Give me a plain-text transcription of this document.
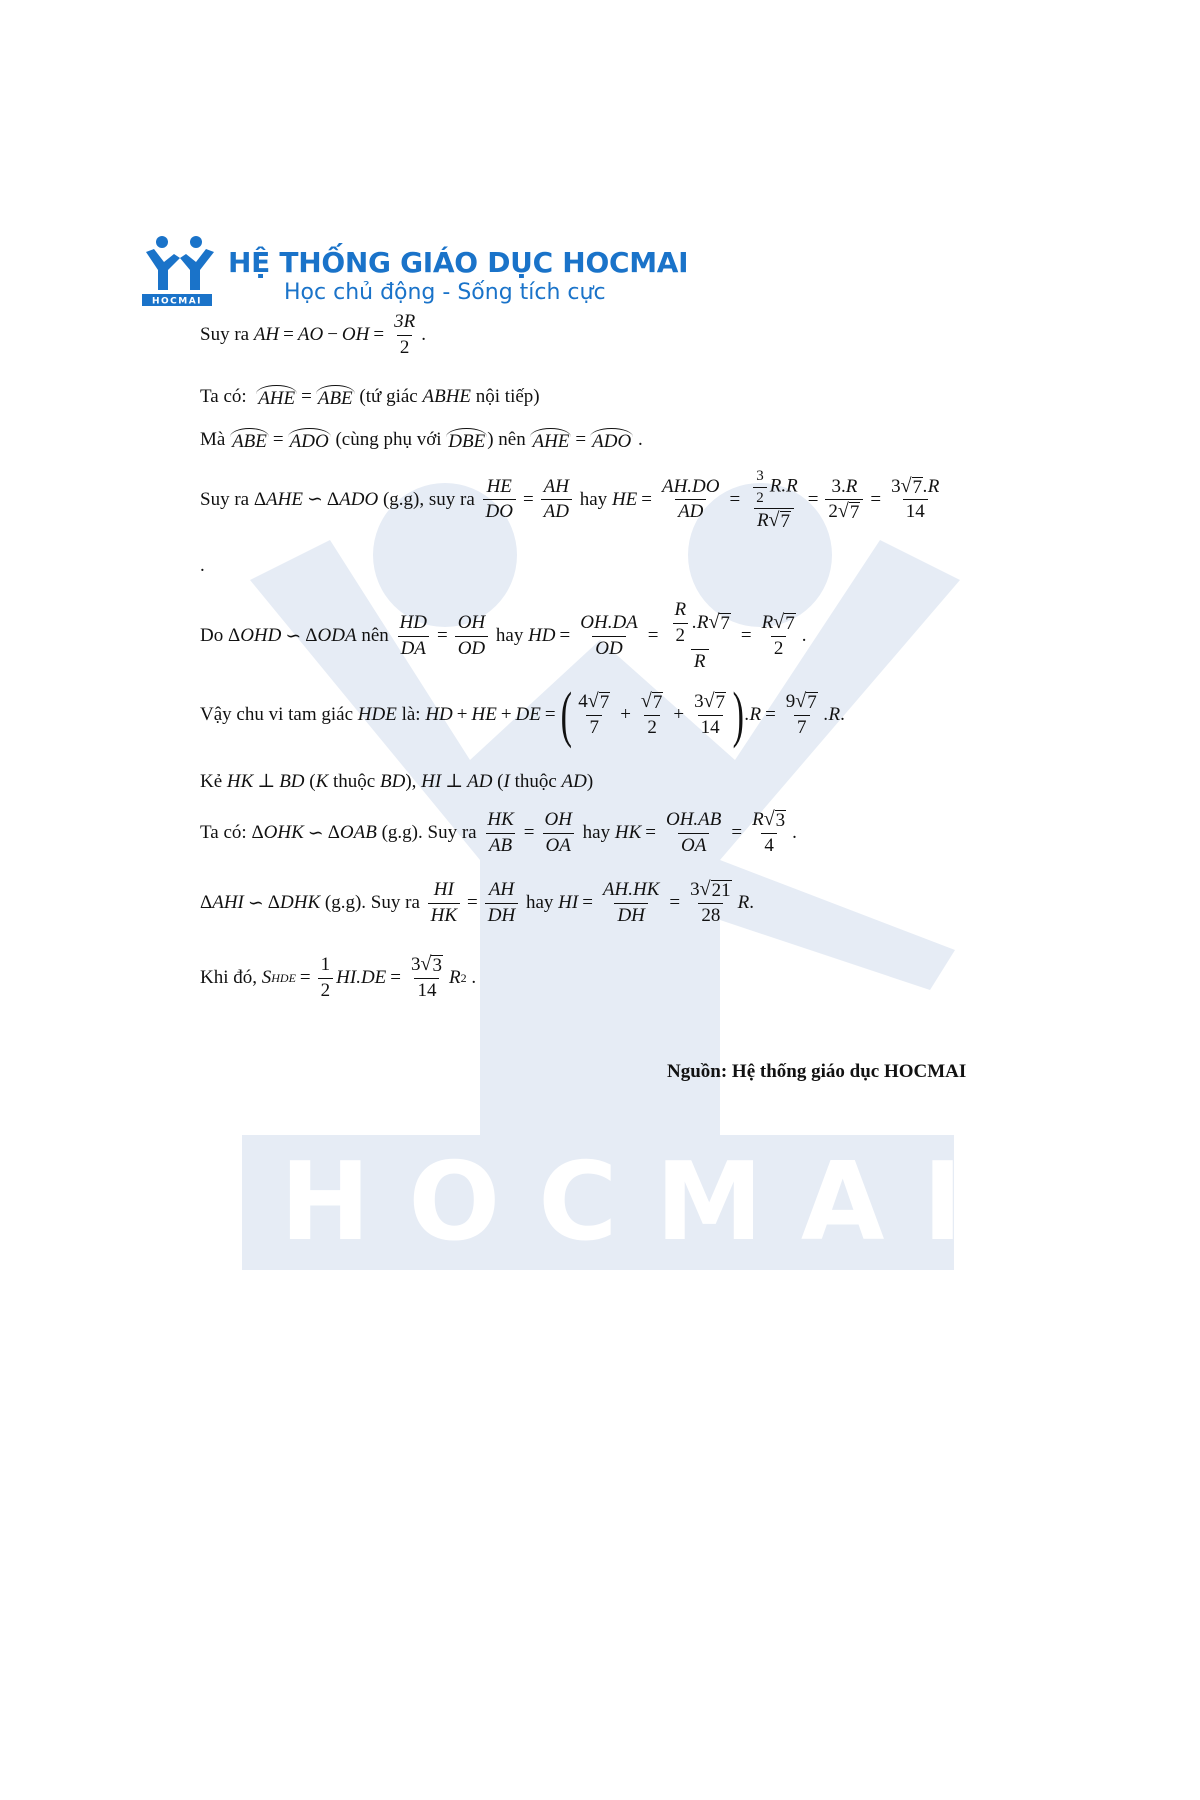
HOCMAI
HOCMAI
HỆ THỐNG GIÁO DỤC HOCMAI
Học chủ động - Sống tích cực
Suy ra
AH = AO − OH = $\frac{3R}{2}$ .
Ta có:
AHE = ABE
(tứ giác
ABHE
nội tiếp)
Mà
ABE = ADO
(cùng phụ với
DBE ) nên
AHE = ADO .
Suy ra
ΔAHE ∽ ΔADO
(g.g), suy ra
$\frac{HE}{DO} = \frac{AH}{AD}$
hay
HE = $\frac{AH.DO}{AD} = \frac{\frac{3}{2} R.R}{R √ 7} = \frac{3.R}{2 √ 7} = \frac{3 √ 7 .R}{14}$
.
Do
ΔOHD ∽ ΔODA
nên
$\frac{HD}{DA} = \frac{OH}{OD}$
hay
HD = $\frac{OH.DA}{OD} = \frac{\frac{R}{2} .R √ 7}{R} = \frac{R √ 7}{2}$ .
Vậy chu vi tam giác
HDE
là:
HD + HE + DE = ( $\frac{4 √ 7}{7} + \frac{√ 7}{2} + \frac{3 √ 7}{14}$ ) $.R = \frac{9 √ 7}{7} .R$ .
Kẻ
HK ⊥ BD ( K
thuộc
BD ), HI ⊥ AD ( I
thuộc
AD )
Ta có:
ΔOHK ∽ ΔOAB
(g.g). Suy ra
$\frac{HK}{AB} = \frac{OH}{OA}$
hay
HK = $\frac{OH.AB}{OA} = \frac{R √ 3}{4}$ .
ΔAHI ∽ ΔDHK
(g.g). Suy ra
$\frac{HI}{HK} = \frac{AH}{DH}$
hay
HI = $\frac{AH.HK}{DH} = \frac{3 √ 21}{28}$ R .
Khi đó,
S HDE = $\frac{1}{2} HI.DE = \frac{3 √ 3}{14}$ R 2 .
Nguồn: Hệ thống giáo dục HOCMAI
